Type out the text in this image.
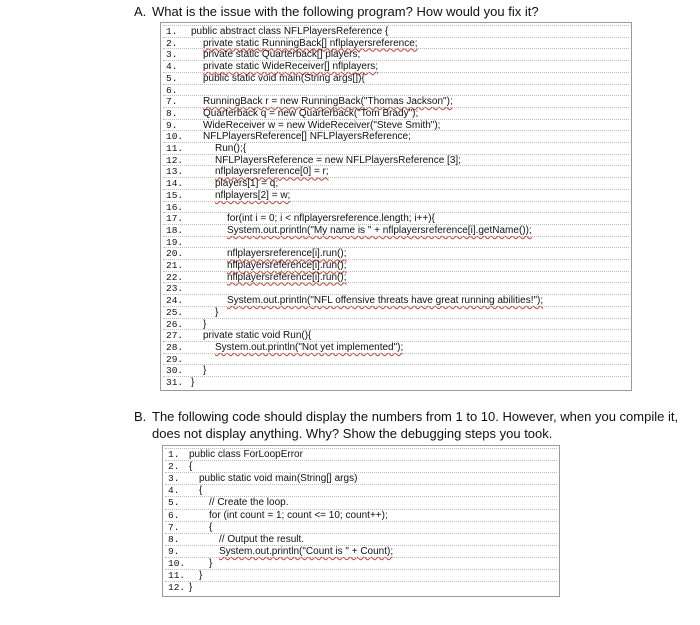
A. What is the issue with the following program? How would you fix it?
1. public abstract class NFLPlayersReference {
2.	private static RunningBack[] nflplayersreference;
3.	private static Quarterback[] players;
4.	private static WideReceiver[] nflplayers;
5.	public static void main(String args[]){
6.
7.	RunningBack r = new RunningBack("Thomas Jackson");
8.	Quarterback q = new Quarterback("Tom Brady");
9.	WideReceiver w = new WideReceiver("Steve Smith");
10. NFLPlayersReference[] NFLPlayersReference;
11.	Run();{
12.	NFLPlayersReference = new NFLPlayersReference [3];
13.	nflplayersreference[0] = r;
14.	players[1] = q;
15.	nflplayers[2] = w;
16.
17.	for(int i = 0; i < nflplayersreference.length; i++){
18.	System.out.println("My name is " + nflplayersreference[i].getName());
19.
20.	nflplayersreference[i].run();
21.	nflplayersreference[i].run();
22.	nflplayersreference[i].run();
23.
24.	System.out.println("NFL offensive threats have great running abilities!");
25.	}
26. }
27. private static void Run(){
28.	System.out.println("Not yet implemented");
29.
30. }
31. }
B. The following code should display the numbers from 1 to 10. However, when you compile it,
does not display anything. Why? Show the debugging steps you took.
1. public class ForLoopError
2. {
3. public static void main(String[] args)
4. {
5.	// Create the loop.
6.	for (int count = 1; count <= 10; count++);
7.	{
8.	// Output the result.
9.	System.out.println("Count is " + Count);
10. }
11. }
12. }
